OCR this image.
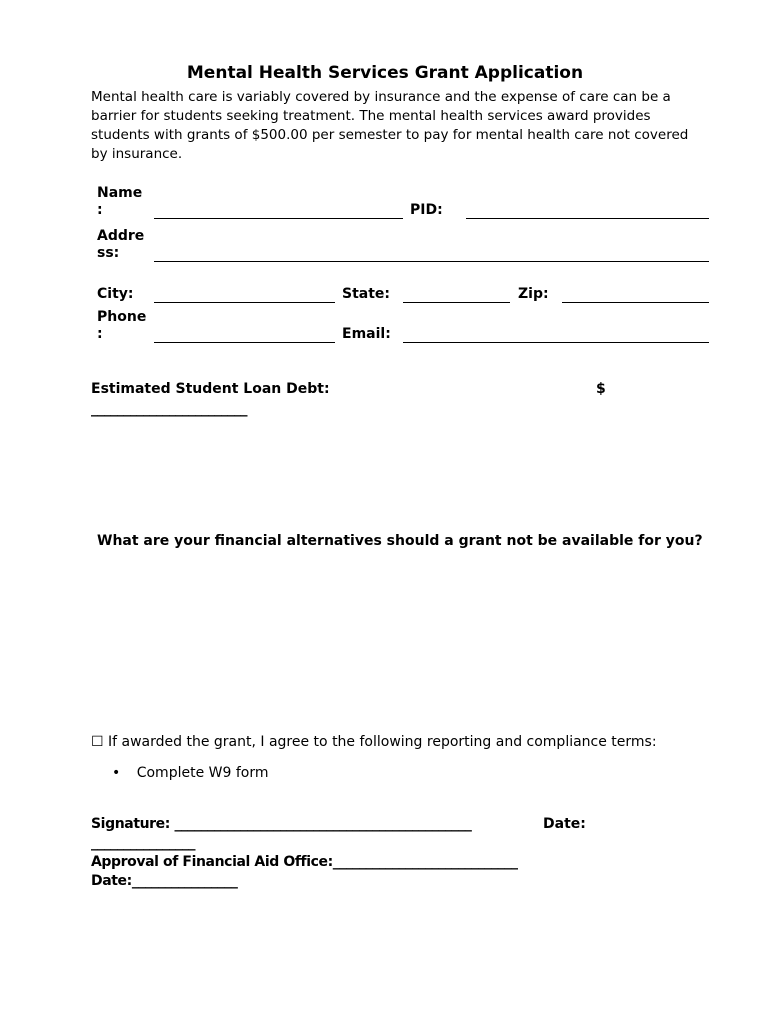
Mental Health Services Grant Application
Mental health care is variably covered by insurance and the expense of care can be a barrier for students seeking treatment. The mental health services award provides students with grants of $500.00 per semester to pay for mental health care not covered by insurance.
Name
:	PID:
Addre
ss:
City:	State:	Zip:
Phone
:	Email:
Estimated Student Loan Debt:	$
________________________
What are your financial alternatives should a grant not be available for you?
☐ If awarded the grant, I agree to the following reporting and compliance terms:
• Complete W9 form
Signature: _____________________________________________	Date:
________________
Approval of Financial Aid Office:____________________________
Date:________________
